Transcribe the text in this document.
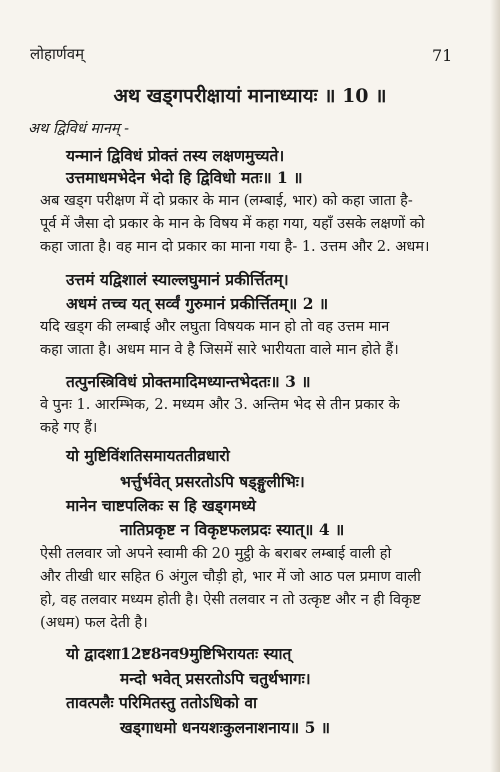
लोहार्णवम्	71
अथ खड्गपरीक्षायां मानाध्यायः ॥ 10 ॥
अथ द्विविधं मानम् -
यन्मानं द्विविधं प्रोक्तं तस्य लक्षणमुच्यते।
उत्तमाधमभेदेन भेदो हि द्विविधो मतः॥ 1 ॥

अब खड्ग परीक्षण में दो प्रकार के मान (लम्बाई, भार) को कहा जाता है-
पूर्व में जैसा दो प्रकार के मान के विषय में कहा गया, यहाँ उसके लक्षणों को
कहा जाता है। वह मान दो प्रकार का माना गया है- 1. उत्तम और 2. अधम।

उत्तमं यद्विशालं स्याल्लघुमानं प्रकीर्त्तितम्।
अधमं तच्च यत् सर्व्वं गुरुमानं प्रकीर्त्तितम्॥ 2 ॥

यदि खड्ग की लम्बाई और लघुता विषयक मान हो तो वह उत्तम मान
कहा जाता है। अधम मान वे है जिसमें सारे भारीयता वाले मान होते हैं।

तत्पुनस्त्रिविधं प्रोक्तमादिमध्यान्तभेदतः॥ 3 ॥

वे पुनः 1. आरम्भिक, 2. मध्यम और 3. अन्तिम भेद से तीन प्रकार के
कहे गए हैं।

यो मुष्टिविंशतिसमायततीव्रधारो
भर्त्तुर्भवेत् प्रसरतोऽपि षड्ङ्गुलीभिः।
मानेन चाष्टपलिकः स हि खड्गमध्ये
नातिप्रकृष्ट न विकृष्टफलप्रदः स्यात्॥ 4 ॥

ऐसी तलवार जो अपने स्वामी की 20 मुट्ठी के बराबर लम्बाई वाली हो
और तीखी धार सहित 6 अंगुल चौड़ी हो, भार में जो आठ पल प्रमाण वाली
हो, वह तलवार मध्यम होती है। ऐसी तलवार न तो उत्कृष्ट और न ही विकृष्ट
(अधम) फल देती है।

यो द्वादशा12ष्ट8नव9मुष्टिभिरायतः स्यात्
मन्दो भवेत् प्रसरतोऽपि चतुर्थभागः।
तावत्पलैः परिमितस्तु ततोऽधिको वा
खड्गाधमो धनयशःकुलनाशनाय॥ 5 ॥
